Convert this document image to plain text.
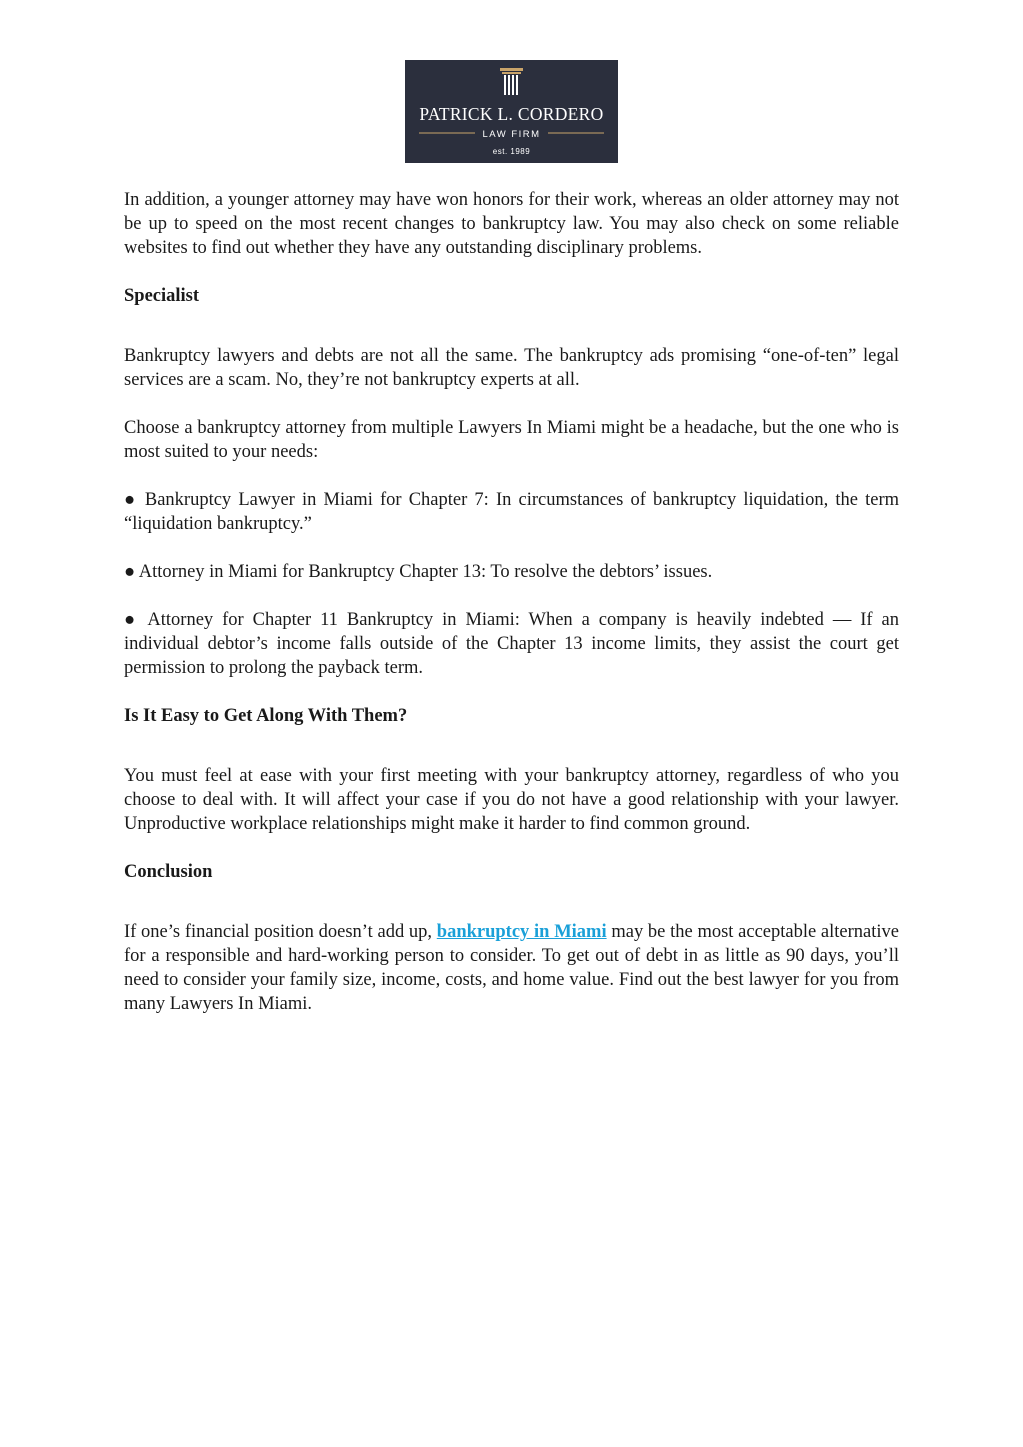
PATRICK L. CORDERO
LAW FIRM
est. 1989

In addition, a younger attorney may have won honors for their work, whereas an older attorney may not be up to speed on the most recent changes to bankruptcy law. You may also check on some reliable websites to find out whether they have any outstanding disciplinary problems.

Specialist

Bankruptcy lawyers and debts are not all the same. The bankruptcy ads promising “one-of-ten” legal services are a scam. No, they’re not bankruptcy experts at all.

Choose a bankruptcy attorney from multiple Lawyers In Miami might be a headache, but the one who is most suited to your needs:

● Bankruptcy Lawyer in Miami for Chapter 7: In circumstances of bankruptcy liquidation, the term “liquidation bankruptcy.”

● Attorney in Miami for Bankruptcy Chapter 13: To resolve the debtors’ issues.

● Attorney for Chapter 11 Bankruptcy in Miami: When a company is heavily indebted — If an individual debtor’s income falls outside of the Chapter 13 income limits, they assist the court get permission to prolong the payback term.

Is It Easy to Get Along With Them?

You must feel at ease with your first meeting with your bankruptcy attorney, regardless of who you choose to deal with. It will affect your case if you do not have a good relationship with your lawyer. Unproductive workplace relationships might make it harder to find common ground.

Conclusion

If one’s financial position doesn’t add up, bankruptcy in Miami may be the most acceptable alternative for a responsible and hard-working person to consider. To get out of debt in as little as 90 days, you’ll need to consider your family size, income, costs, and home value. Find out the best lawyer for you from many Lawyers In Miami.
